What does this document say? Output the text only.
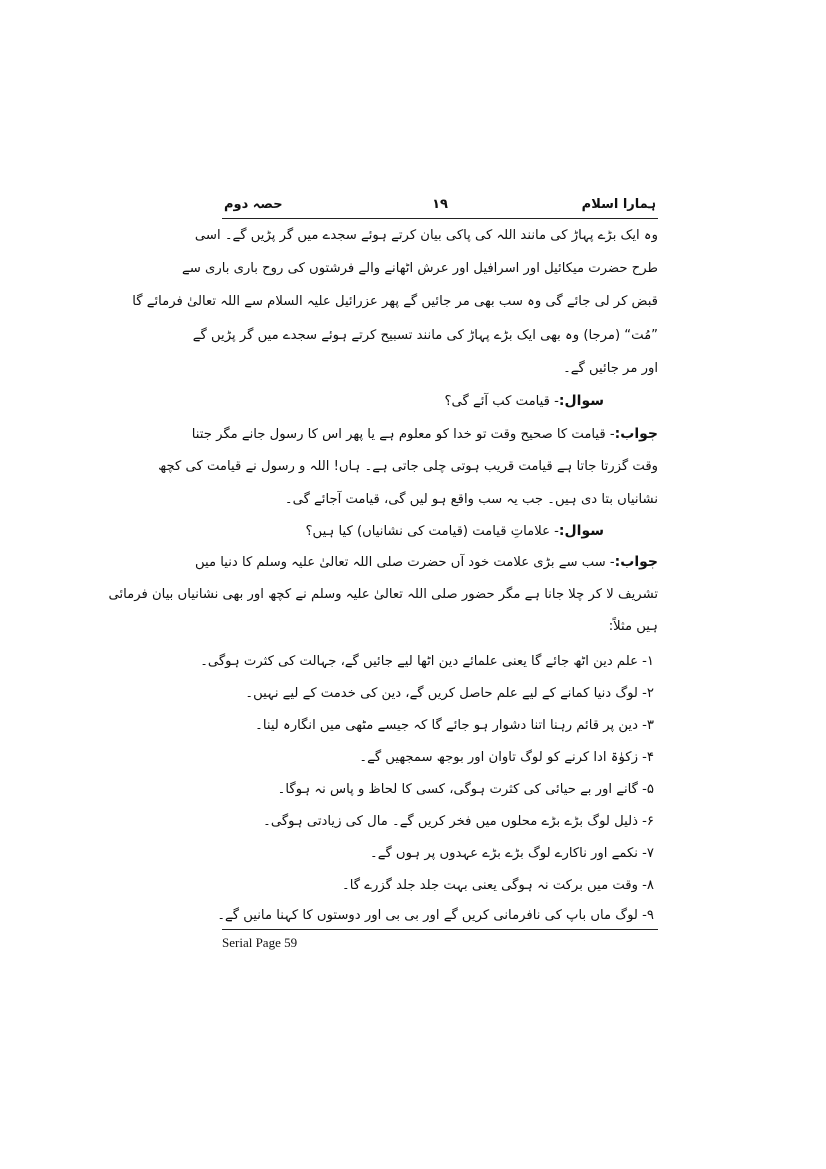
ہمارا اسلام
۱۹
حصہ دوم
وہ ایک بڑے پہاڑ کی مانند اللہ کی پاکی بیان کرتے ہوئے سجدے میں گر پڑیں گے۔ اسی
طرح حضرت میکائیل اور اسرافیل اور عرش اٹھانے والے فرشتوں کی روح باری باری سے
قبض کر لی جائے گی وہ سب بھی مر جائیں گے پھر عزرائیل علیہ السلام سے اللہ تعالیٰ فرمائے گا
”مُت“ (مرجا) وہ بھی ایک بڑے پہاڑ کی مانند تسبیح کرتے ہوئے سجدے میں گر پڑیں گے
اور مر جائیں گے۔
سوال:- قیامت کب آئے گی؟
جواب:- قیامت کا صحیح وقت تو خدا کو معلوم ہے یا پھر اس کا رسول جانے مگر جتنا
وقت گزرتا جاتا ہے قیامت قریب ہوتی چلی جاتی ہے۔ ہاں! اللہ و رسول نے قیامت کی کچھ
نشانیاں بتا دی ہیں۔ جب یہ سب واقع ہو لیں گی، قیامت آجائے گی۔
سوال:- علاماتِ قیامت (قیامت کی نشانیاں) کیا ہیں؟
جواب:- سب سے بڑی علامت خود آں حضرت صلی اللہ تعالیٰ علیہ وسلم کا دنیا میں
تشریف لا کر چلا جانا ہے مگر حضور صلی اللہ تعالیٰ علیہ وسلم نے کچھ اور بھی نشانیاں بیان فرمائی
ہیں مثلاً:
۱- علم دین اٹھ جائے گا یعنی علمائے دین اٹھا لیے جائیں گے، جہالت کی کثرت ہوگی۔
۲- لوگ دنیا کمانے کے لیے علم حاصل کریں گے، دین کی خدمت کے لیے نہیں۔
۳- دین پر قائم رہنا اتنا دشوار ہو جائے گا کہ جیسے مٹھی میں انگارہ لینا۔
۴- زکوٰۃ ادا کرنے کو لوگ تاوان اور بوجھ سمجھیں گے۔
۵- گانے اور بے حیائی کی کثرت ہوگی، کسی کا لحاظ و پاس نہ ہوگا۔
۶- ذلیل لوگ بڑے بڑے محلوں میں فخر کریں گے۔ مال کی زیادتی ہوگی۔
۷- نکمے اور ناکارے لوگ بڑے بڑے عہدوں پر ہوں گے۔
۸- وقت میں برکت نہ ہوگی یعنی بہت جلد جلد گزرے گا۔
۹- لوگ ماں باپ کی نافرمانی کریں گے اور بی بی اور دوستوں کا کہنا مانیں گے۔
Serial Page 59
